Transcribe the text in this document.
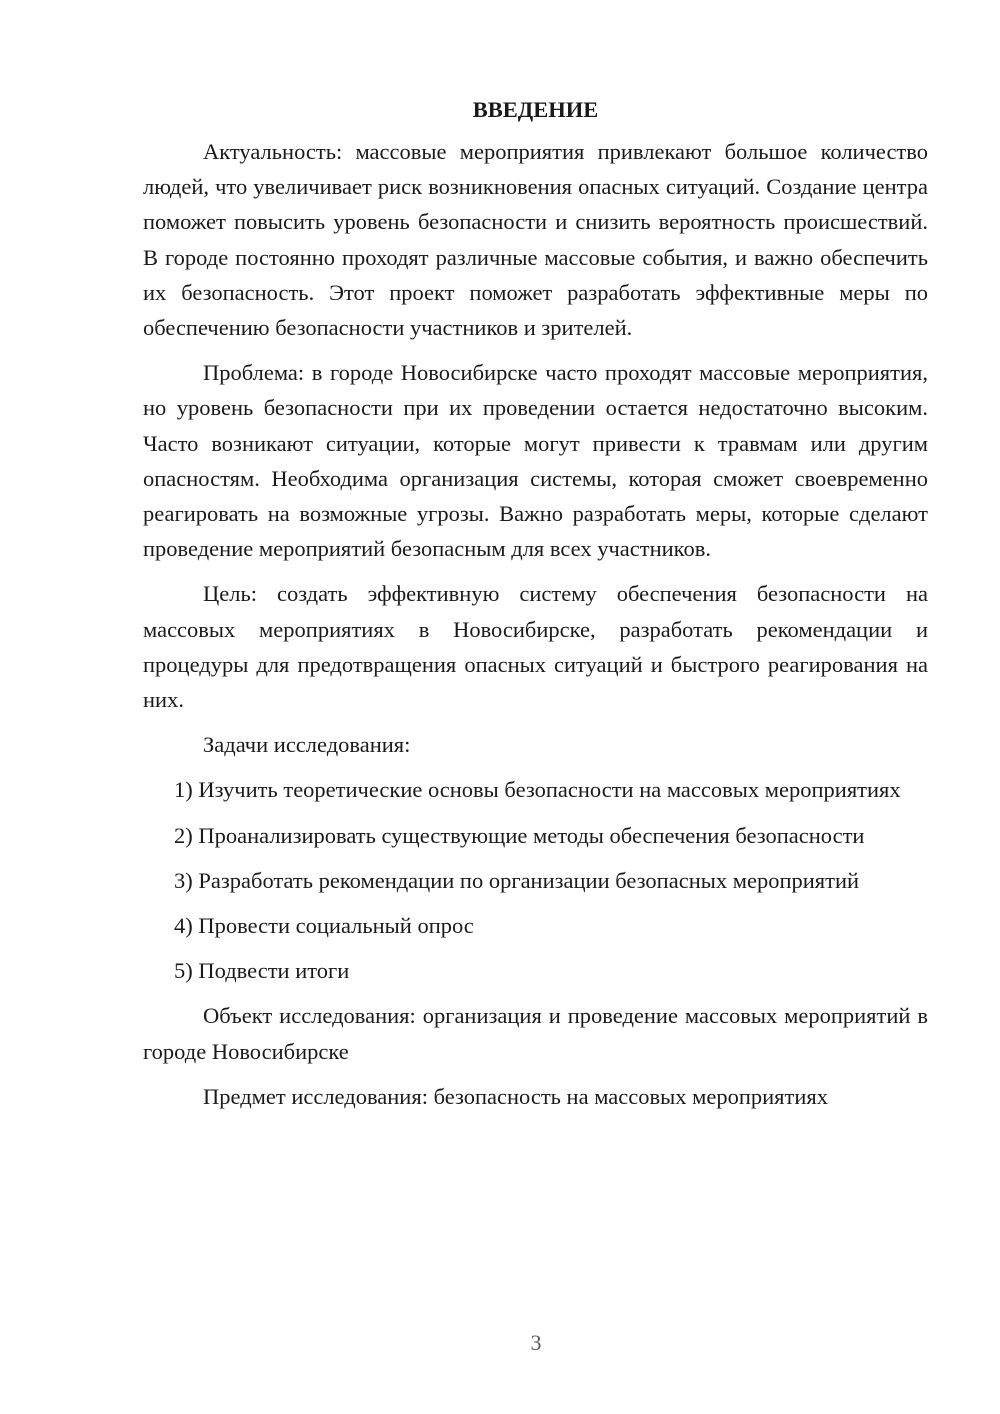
ВВЕДЕНИЕ

Актуальность: массовые мероприятия привлекают большое количество людей, что увеличивает риск возникновения опасных ситуаций. Создание центра поможет повысить уровень безопасности и снизить вероятность происшествий. В городе постоянно проходят различные массовые события, и важно обеспечить их безопасность. Этот проект поможет разработать эффективные меры по обеспечению безопасности участников и зрителей.

Проблема: в городе Новосибирске часто проходят массовые мероприятия, но уровень безопасности при их проведении остается недостаточно высоким. Часто возникают ситуации, которые могут привести к травмам или другим опасностям. Необходима организация системы, которая сможет своевременно реагировать на возможные угрозы. Важно разработать меры, которые сделают проведение мероприятий безопасным для всех участников.

Цель: создать эффективную систему обеспечения безопасности на массовых мероприятиях в Новосибирске, разработать рекомендации и процедуры для предотвращения опасных ситуаций и быстрого реагирования на них.

Задачи исследования:

1) Изучить теоретические основы безопасности на массовых мероприятиях

2) Проанализировать существующие методы обеспечения безопасности

3) Разработать рекомендации по организации безопасных мероприятий

4) Провести социальный опрос

5) Подвести итоги

Объект исследования: организация и проведение массовых мероприятий в городе Новосибирске

Предмет исследования: безопасность на массовых мероприятиях

3
